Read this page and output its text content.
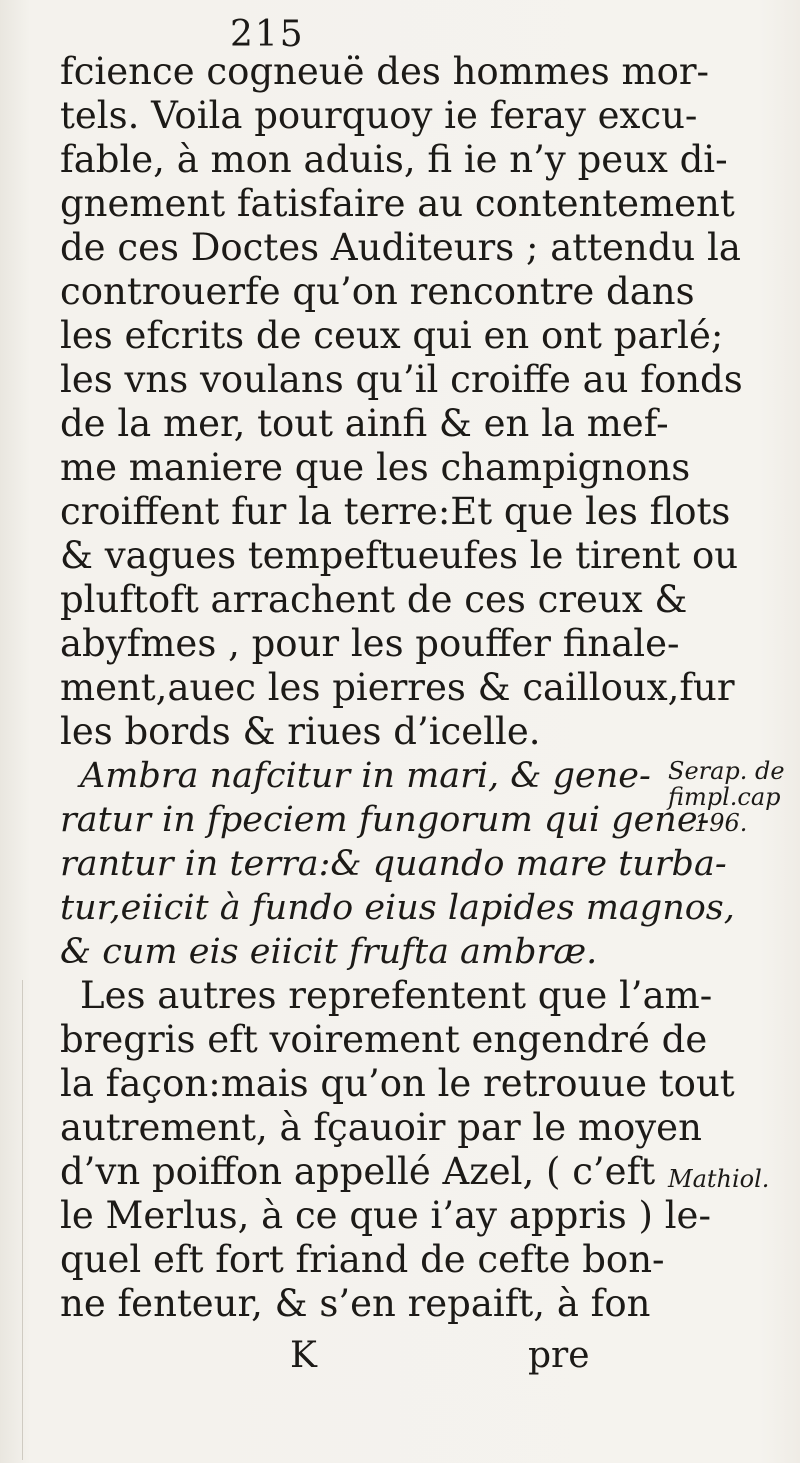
215
fcience cogneuë des hommes mor-
tels. Voila pourquoy ie feray excu-
fable, à mon aduis, fi ie n’y peux di-
gnement fatisfaire au contentement
de ces Doctes Auditeurs ; attendu la
controuerfe qu’on rencontre dans
les efcrits de ceux qui en ont parlé;
les vns voulans qu’il croiffe au fonds
de la mer, tout ainfi & en la mef-
me maniere que les champignons
croiffent fur la terre:Et que les flots
& vagues tempeftueufes le tirent ou
pluftoft arrachent de ces creux &
abyfmes , pour les pouffer finale-
ment,auec les pierres & cailloux,fur
les bords & riues d’icelle.
Ambra nafcitur in mari, & gene-
ratur in fpeciem fungorum qui gene-
rantur in terra:& quando mare turba-
tur,eiicit à fundo eius lapides magnos,
& cum eis eiicit frufta ambræ.
Les autres reprefentent que l’am-
bregris eft voirement engendré de
la façon:mais qu’on le retrouue tout
autrement, à fçauoir par le moyen
d’vn poiffon appellé Azel, ( c’eft
le Merlus, à ce que i’ay appris ) le-
quel eft fort friand de cefte bon-
ne fenteur, & s’en repaift, à fon
Serap. de
fimpl.cap
196.
Mathiol.
K	pre
